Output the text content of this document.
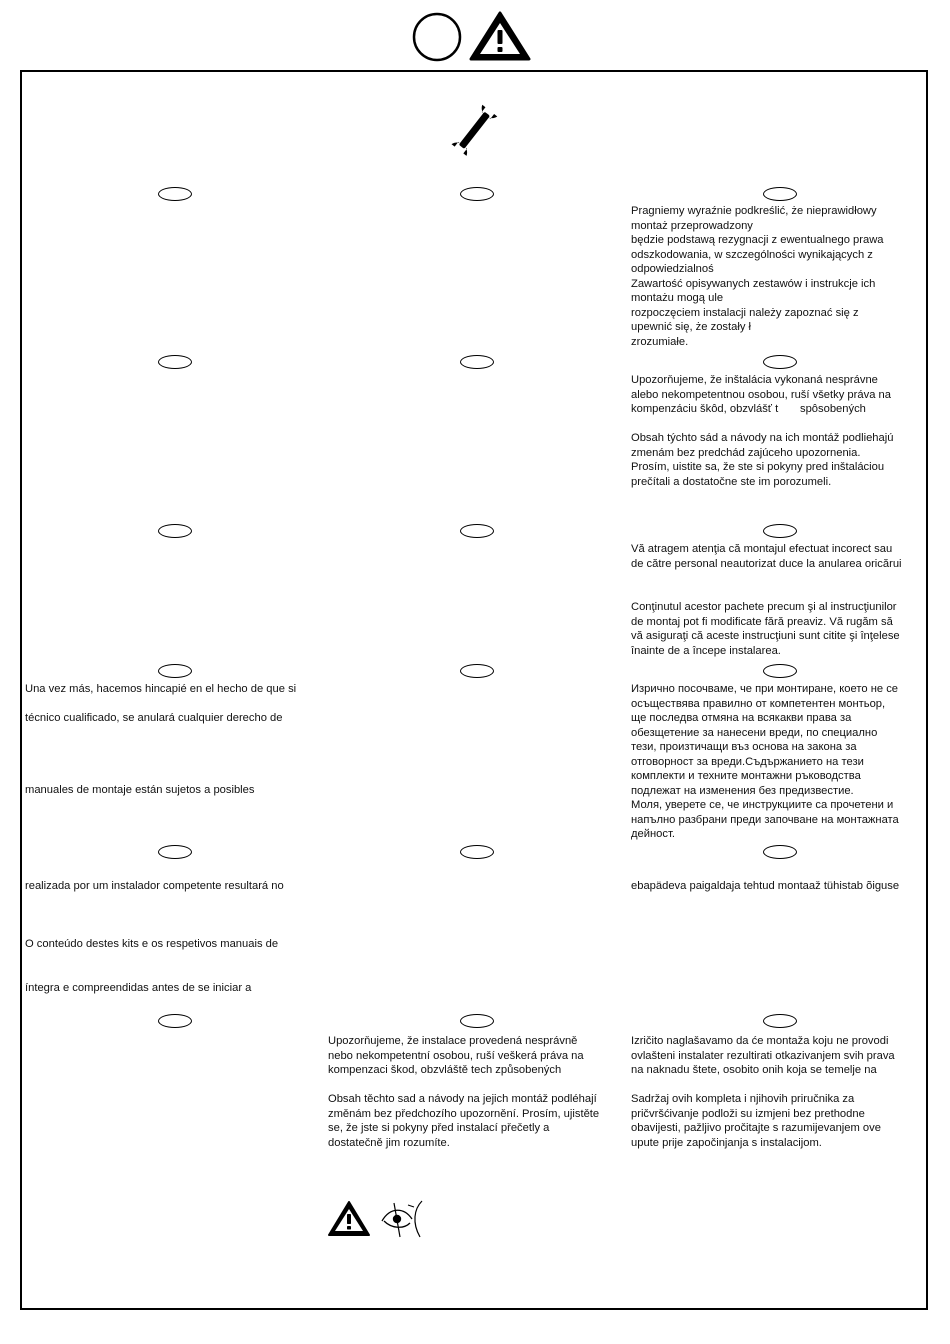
Pragniemy wyraźnie podkreślić, że nieprawidłowy
montaż przeprowadzony
będzie podstawą rezygnacji z ewentualnego prawa
odszkodowania, w szczególności wynikających z
odpowiedzialnoś
Zawartość opisywanych zestawów i instrukcje ich
montażu mogą ule
rozpoczęciem instalacji należy zapoznać się z
upewnić się, że zostały ł
zrozumiałe.
Upozorňujeme, že inštalácia vykonaná nesprávne
alebo nekompetentnou osobou, ruší všetky práva na
kompenzáciu škôd, obzvlášť t       spôsobených
Obsah týchto sád a návody na ich montáž podliehajú
zmenám bez predchád zajúceho upozornenia.
Prosím, uistite sa, že ste si pokyny pred inštaláciou
prečítali a dostatočne ste im porozumeli.
Vă atragem atenţia că montajul efectuat incorect sau
de către personal neautorizat duce la anularea oricărui
Conţinutul acestor pachete precum şi al instrucţiunilor
de montaj pot fi modificate fără preaviz. Vă rugăm să
vă asiguraţi că aceste instrucţiuni sunt citite şi înţelese
înainte de a începe instalarea.
Una vez más, hacemos hincapié en el hecho de que si
técnico cualificado, se anulará cualquier derecho de
manuales de montaje están sujetos a posibles
Изрично посочваме, че при монтиране, което не се
осъществява правилно от компетентен монтьор,
ще последва отмяна на всякакви права за
обезщетение за нанесени вреди, по специално
тези, произтичащи въз основа на закона за
отговорност за вреди.Съдържанието на тези
комплекти и техните монтажни ръководства
подлежат на изменения без предизвестие.
Моля, уверете се, че инструкциите са прочетени и
напълно разбрани преди започване на монтажната
дейност.
realizada por um instalador competente resultará no
O conteúdo destes kits e os respetivos manuais de
íntegra e compreendidas antes de se iniciar a
ebapädeva paigaldaja tehtud montaaž tühistab õiguse
Upozorňujeme, že instalace provedená nesprávně
nebo nekompetentní osobou, ruší veškerá práva na
kompenzaci škod, obzvláště tech způsobených
Obsah těchto sad a návody na jejich montáž podléhají
změnám bez předchozího upozornění. Prosím, ujistěte
se, že jste si pokyny před instalací přečetly a
dostatečně jim rozumíte.
Izričito naglašavamo da će montaža koju ne provodi
ovlašteni instalater rezultirati otkazivanjem svih prava
na naknadu štete, osobito onih koja se temelje na
Sadržaj ovih kompleta i njihovih priručnika za
pričvršćivanje podloži su izmjeni bez prethodne
obavijesti, pažljivo pročitajte s razumijevanjem ove
upute prije započinjanja s instalacijom.
